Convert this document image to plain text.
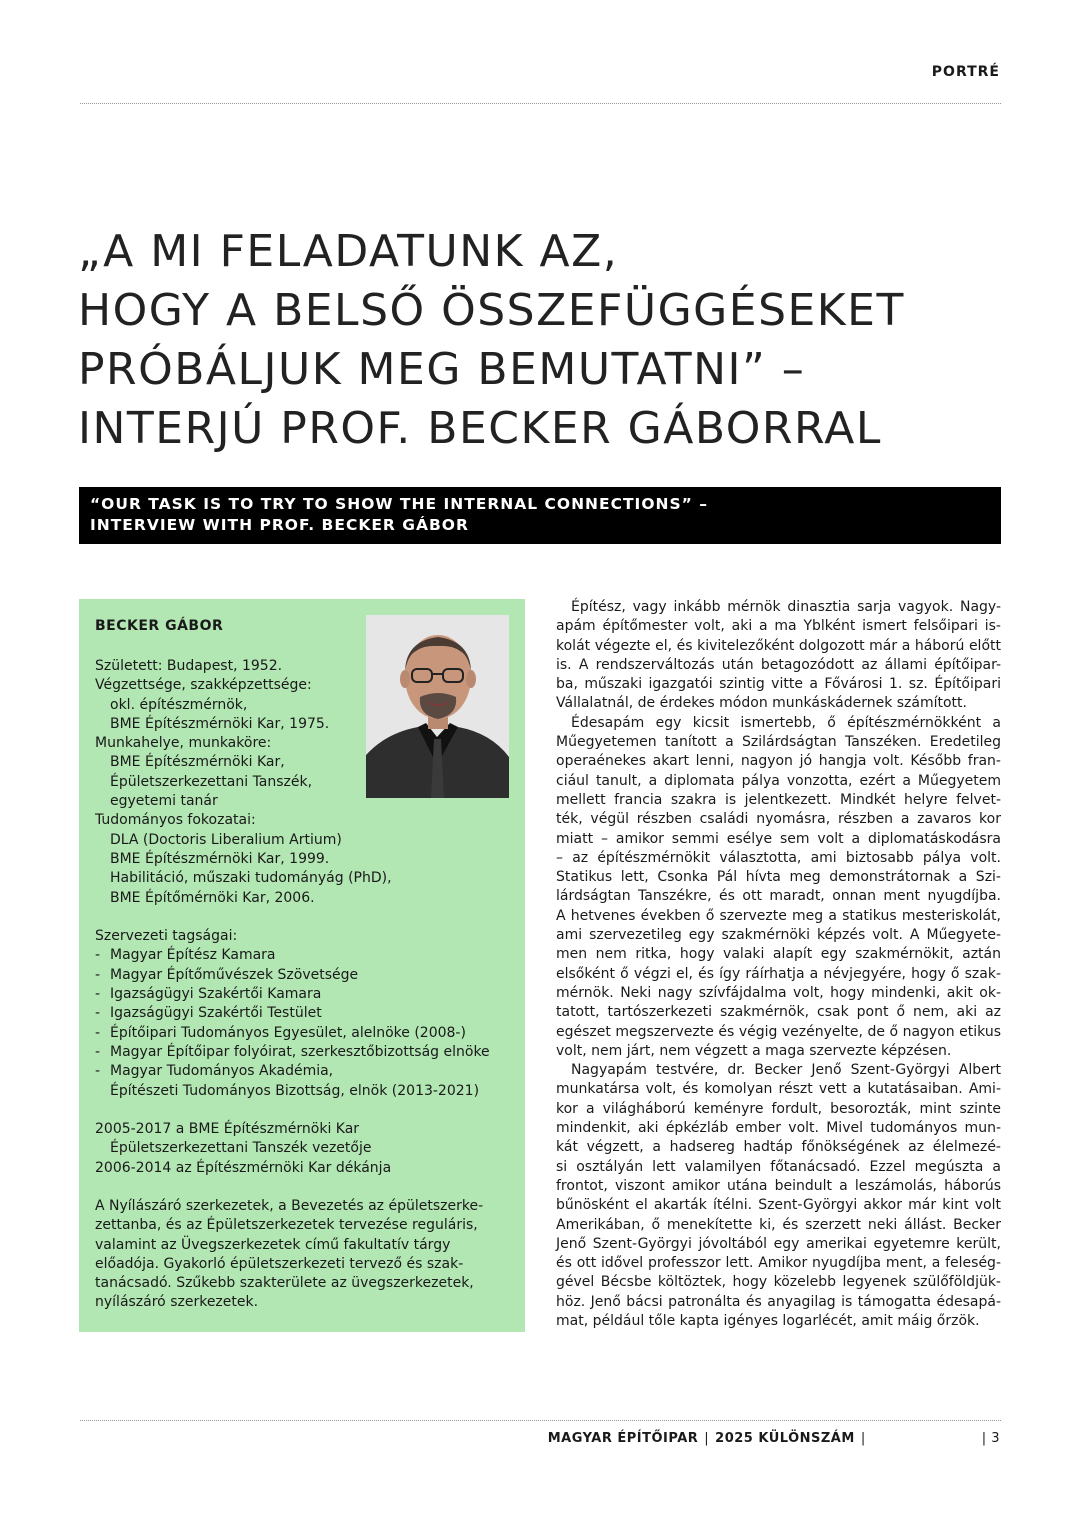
PORTRÉ
„A MI FELADATUNK AZ,
HOGY A BELSŐ ÖSSZEFÜGGÉSEKET
PRÓBÁLJUK MEG BEMUTATNI” –
INTERJÚ PROF. BECKER GÁBORRAL
“OUR TASK IS TO TRY TO SHOW THE INTERNAL CONNECTIONS” –
INTERVIEW WITH PROF. BECKER GÁBOR
BECKER GÁBOR
Született: Budapest, 1952.
Végzettsége, szakképzettsége:
okl. építészmérnök,
BME Építészmérnöki Kar, 1975.
Munkahelye, munkaköre:
BME Építészmérnöki Kar,
Épületszerkezettani Tanszék,
egyetemi tanár
Tudományos fokozatai:
DLA (Doctoris Liberalium Artium)
BME Építészmérnöki Kar, 1999.
Habilitáció, műszaki tudományág (PhD),
BME Építőmérnöki Kar, 2006.
Szervezeti tagságai:
- Magyar Építész Kamara
- Magyar Építőművészek Szövetsége
- Igazságügyi Szakértői Kamara
- Igazságügyi Szakértői Testület
- Építőipari Tudományos Egyesület, alelnöke (2008-)
- Magyar Építőipar folyóirat, szerkesztőbizottság elnöke
- Magyar Tudományos Akadémia,
Építészeti Tudományos Bizottság, elnök (2013-2021)
2005-2017 a BME Építészmérnöki Kar
Épületszerkezettani Tanszék vezetője
2006-2014 az Építészmérnöki Kar dékánja
A Nyílászáró szerkezetek, a Bevezetés az épületszerke-
zettanba, és az Épületszerkezetek tervezése reguláris,
valamint az Üvegszerkezetek című fakultatív tárgy
előadója. Gyakorló épületszerkezeti tervező és szak-
tanácsadó. Szűkebb szakterülete az üvegszerkezetek,
nyílászáró szerkezetek.
Építész, vagy inkább mérnök dinasztia sarja vagyok. Nagy-
apám építőmester volt, aki a ma Yblként ismert felsőipari is-
kolát végezte el, és kivitelezőként dolgozott már a háború előtt
is. A rendszerváltozás után betagozódott az állami építőipar-
ba, műszaki igazgatói szintig vitte a Fővárosi 1. sz. Építőipari
Vállalatnál, de érdekes módon munkáskádernek számított.
Édesapám egy kicsit ismertebb, ő építészmérnökként a
Műegyetemen tanított a Szilárdságtan Tanszéken. Eredetileg
operaénekes akart lenni, nagyon jó hangja volt. Később fran-
ciául tanult, a diplomata pálya vonzotta, ezért a Műegyetem
mellett francia szakra is jelentkezett. Mindkét helyre felvet-
ték, végül részben családi nyomásra, részben a zavaros kor
miatt – amikor semmi esélye sem volt a diplomatáskodásra
– az építészmérnökit választotta, ami biztosabb pálya volt.
Statikus lett, Csonka Pál hívta meg demonstrátornak a Szi-
lárdságtan Tanszékre, és ott maradt, onnan ment nyugdíjba.
A hetvenes években ő szervezte meg a statikus mesteriskolát,
ami szervezetileg egy szakmérnöki képzés volt. A Műegyete-
men nem ritka, hogy valaki alapít egy szakmérnökit, aztán
elsőként ő végzi el, és így ráírhatja a névjegyére, hogy ő szak-
mérnök. Neki nagy szívfájdalma volt, hogy mindenki, akit ok-
tatott, tartószerkezeti szakmérnök, csak pont ő nem, aki az
egészet megszervezte és végig vezényelte, de ő nagyon etikus
volt, nem járt, nem végzett a maga szervezte képzésen.
Nagyapám testvére, dr. Becker Jenő Szent-Györgyi Albert
munkatársa volt, és komolyan részt vett a kutatásaiban. Ami-
kor a világháború keményre fordult, besorozták, mint szinte
mindenkit, aki épkézláb ember volt. Mivel tudományos mun-
kát végzett, a hadsereg hadtáp főnökségének az élelmezé-
si osztályán lett valamilyen főtanácsadó. Ezzel megúszta a
frontot, viszont amikor utána beindult a leszámolás, háborús
bűnösként el akarták ítélni. Szent-Györgyi akkor már kint volt
Amerikában, ő menekítette ki, és szerzett neki állást. Becker
Jenő Szent-Györgyi jóvoltából egy amerikai egyetemre került,
és ott idővel professzor lett. Amikor nyugdíjba ment, a feleség-
gével Bécsbe költöztek, hogy közelebb legyenek szülőföldjük-
höz. Jenő bácsi patronálta és anyagilag is támogatta édesapá-
mat, például tőle kapta igényes logarlécét, amit máig őrzök.
MAGYAR ÉPÍTŐIPAR | 2025 KÜLÖNSZÁM |	| 3
